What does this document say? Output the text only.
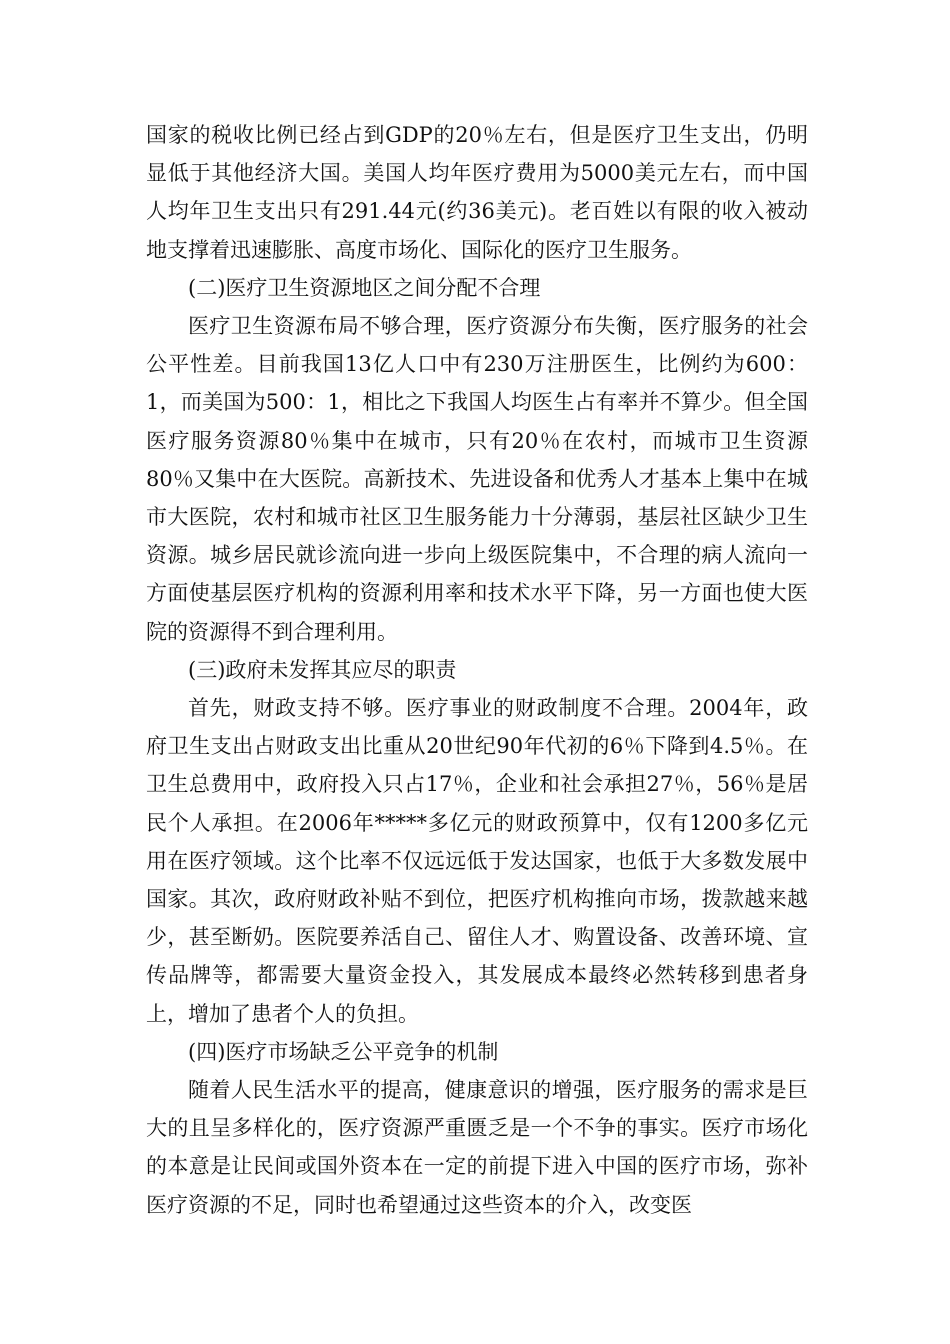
国家的税收比例已经占到GDP的20％左右，但是医疗卫生支出，仍明显低于其他经济大国。美国人均年医疗费用为5000美元左右，而中国人均年卫生支出只有291.44元(约36美元)。老百姓以有限的收入被动地支撑着迅速膨胀、高度市场化、国际化的医疗卫生服务。

(二)医疗卫生资源地区之间分配不合理

医疗卫生资源布局不够合理，医疗资源分布失衡，医疗服务的社会公平性差。目前我国13亿人口中有230万注册医生，比例约为600：1，而美国为500：1，相比之下我国人均医生占有率并不算少。但全国医疗服务资源80％集中在城市，只有20％在农村，而城市卫生资源 80％又集中在大医院。高新技术、先进设备和优秀人才基本上集中在城市大医院，农村和城市社区卫生服务能力十分薄弱，基层社区缺少卫生资源。城乡居民就诊流向进一步向上级医院集中，不合理的病人流向一方面使基层医疗机构的资源利用率和技术水平下降，另一方面也使大医院的资源得不到合理利用。

(三)政府未发挥其应尽的职责

首先，财政支持不够。医疗事业的财政制度不合理。2004年，政府卫生支出占财政支出比重从20世纪90年代初的6％下降到4.5％。在卫生总费用中，政府投入只占17％，企业和社会承担27％，56％是居民个人承担。在2006年*****多亿元的财政预算中，仅有1200多亿元用在医疗领域。这个比率不仅远远低于发达国家，也低于大多数发展中国家。其次，政府财政补贴不到位，把医疗机构推向市场，拨款越来越少，甚至断奶。医院要养活自己、留住人才、购置设备、改善环境、宣传品牌等，都需要大量资金投入，其发展成本最终必然转移到患者身上，增加了患者个人的负担。

(四)医疗市场缺乏公平竞争的机制

随着人民生活水平的提高，健康意识的增强，医疗服务的需求是巨大的且呈多样化的，医疗资源严重匮乏是一个不争的事实。医疗市场化的本意是让民间或国外资本在一定的前提下进入中国的医疗市场，弥补医疗资源的不足，同时也希望通过这些资本的介入，改变医
